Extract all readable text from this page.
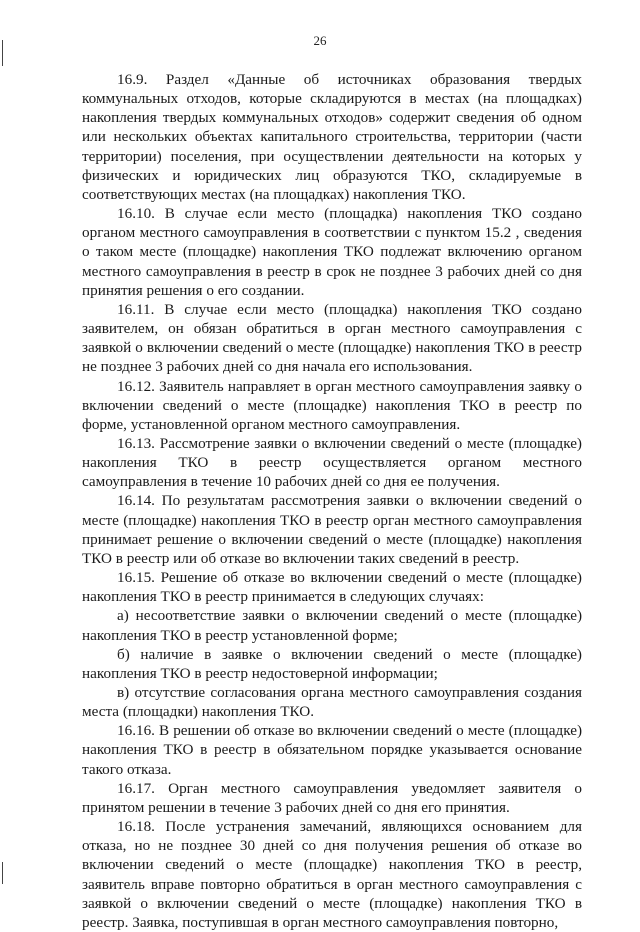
26

16.9. Раздел «Данные об источниках образования твердых коммунальных отходов, которые складируются в местах (на площадках) накопления твердых коммунальных отходов» содержит сведения об одном или нескольких объектах капитального строительства, территории (части территории) поселения, при осуществлении деятельности на которых у физических и юридических лиц образуются ТКО, складируемые в соответствующих местах (на площадках) накопления ТКО.

16.10. В случае если место (площадка) накопления ТКО создано органом местного самоуправления в соответствии с пунктом 15.2 , сведения о таком месте (площадке) накопления ТКО подлежат включению органом местного самоуправления в реестр в срок не позднее 3 рабочих дней со дня принятия решения о его создании.

16.11. В случае если место (площадка) накопления ТКО создано заявителем, он обязан обратиться в орган местного самоуправления с заявкой о включении сведений о месте (площадке) накопления ТКО в реестр не позднее 3 рабочих дней со дня начала его использования.

16.12. Заявитель направляет в орган местного самоуправления заявку о включении сведений о месте (площадке) накопления ТКО в реестр по форме, установленной органом местного самоуправления.

16.13. Рассмотрение заявки о включении сведений о месте (площадке) накопления ТКО в реестр осуществляется органом местного самоуправления в течение 10 рабочих дней со дня ее получения.

16.14. По результатам рассмотрения заявки о включении сведений о месте (площадке) накопления ТКО в реестр орган местного самоуправления принимает решение о включении сведений о месте (площадке) накопления ТКО в реестр или об отказе во включении таких сведений в реестр.

16.15. Решение об отказе во включении сведений о месте (площадке) накопления ТКО в реестр принимается в следующих случаях:

а) несоответствие заявки о включении сведений о месте (площадке) накопления ТКО в реестр установленной форме;

б) наличие в заявке о включении сведений о месте (площадке) накопления ТКО в реестр недостоверной информации;

в) отсутствие согласования органа местного самоуправления создания места (площадки) накопления ТКО.

16.16. В решении об отказе во включении сведений о месте (площадке) накопления ТКО в реестр в обязательном порядке указывается основание такого отказа.

16.17. Орган местного самоуправления уведомляет заявителя о принятом решении в течение 3 рабочих дней со дня его принятия.

16.18. После устранения замечаний, являющихся основанием для отказа, но не позднее 30 дней со дня получения решения об отказе во включении сведений о месте (площадке) накопления ТКО в реестр, заявитель вправе повторно обратиться в орган местного самоуправления с заявкой о включении сведений о месте (площадке) накопления ТКО в реестр. Заявка, поступившая в орган местного самоуправления повторно,
